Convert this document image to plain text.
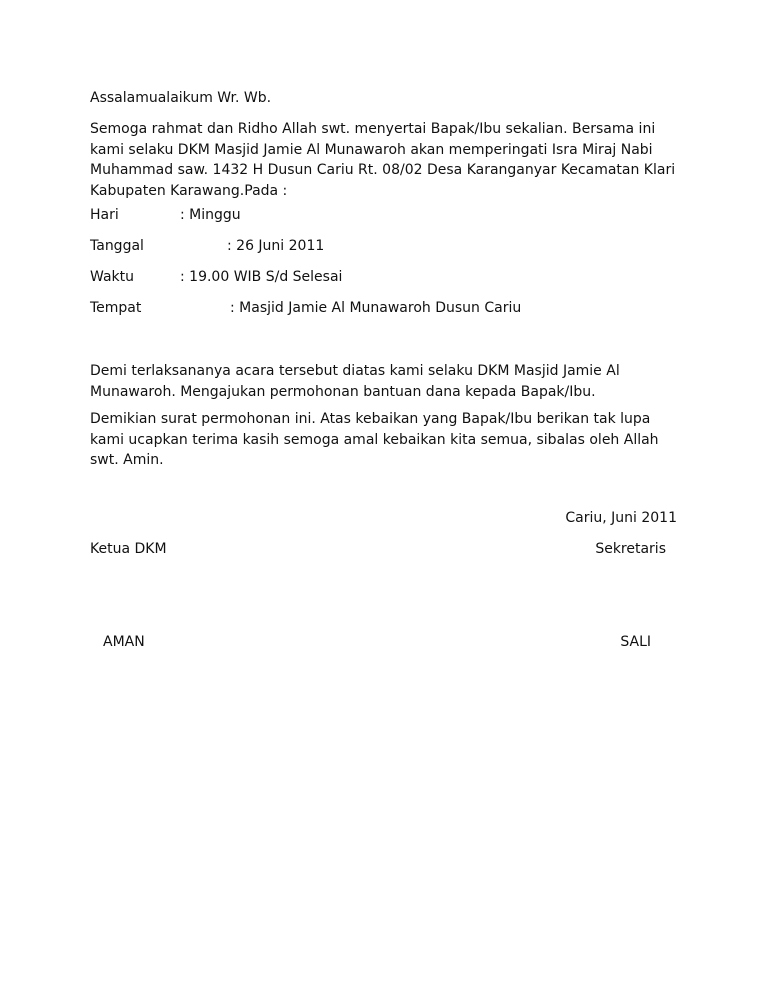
Assalamualaikum Wr. Wb.
Semoga rahmat dan Ridho Allah swt. menyertai Bapak/Ibu sekalian. Bersama ini
kami selaku DKM Masjid Jamie Al Munawaroh akan memperingati Isra Miraj Nabi
Muhammad saw. 1432 H Dusun Cariu Rt. 08/02 Desa Karanganyar Kecamatan Klari
Kabupaten Karawang.Pada :
Hari	: Minggu
Tanggal	: 26 Juni 2011
Waktu	: 19.00 WIB S/d Selesai
Tempat	: Masjid Jamie Al Munawaroh Dusun Cariu
Demi terlaksananya acara tersebut diatas kami selaku DKM Masjid Jamie Al
Munawaroh. Mengajukan permohonan bantuan dana kepada Bapak/Ibu.
Demikian surat permohonan ini. Atas kebaikan yang Bapak/Ibu berikan tak lupa
kami ucapkan terima kasih semoga amal kebaikan kita semua, sibalas oleh Allah
swt. Amin.
Cariu, Juni 2011
Ketua DKM	Sekretaris
AMAN	SALI
